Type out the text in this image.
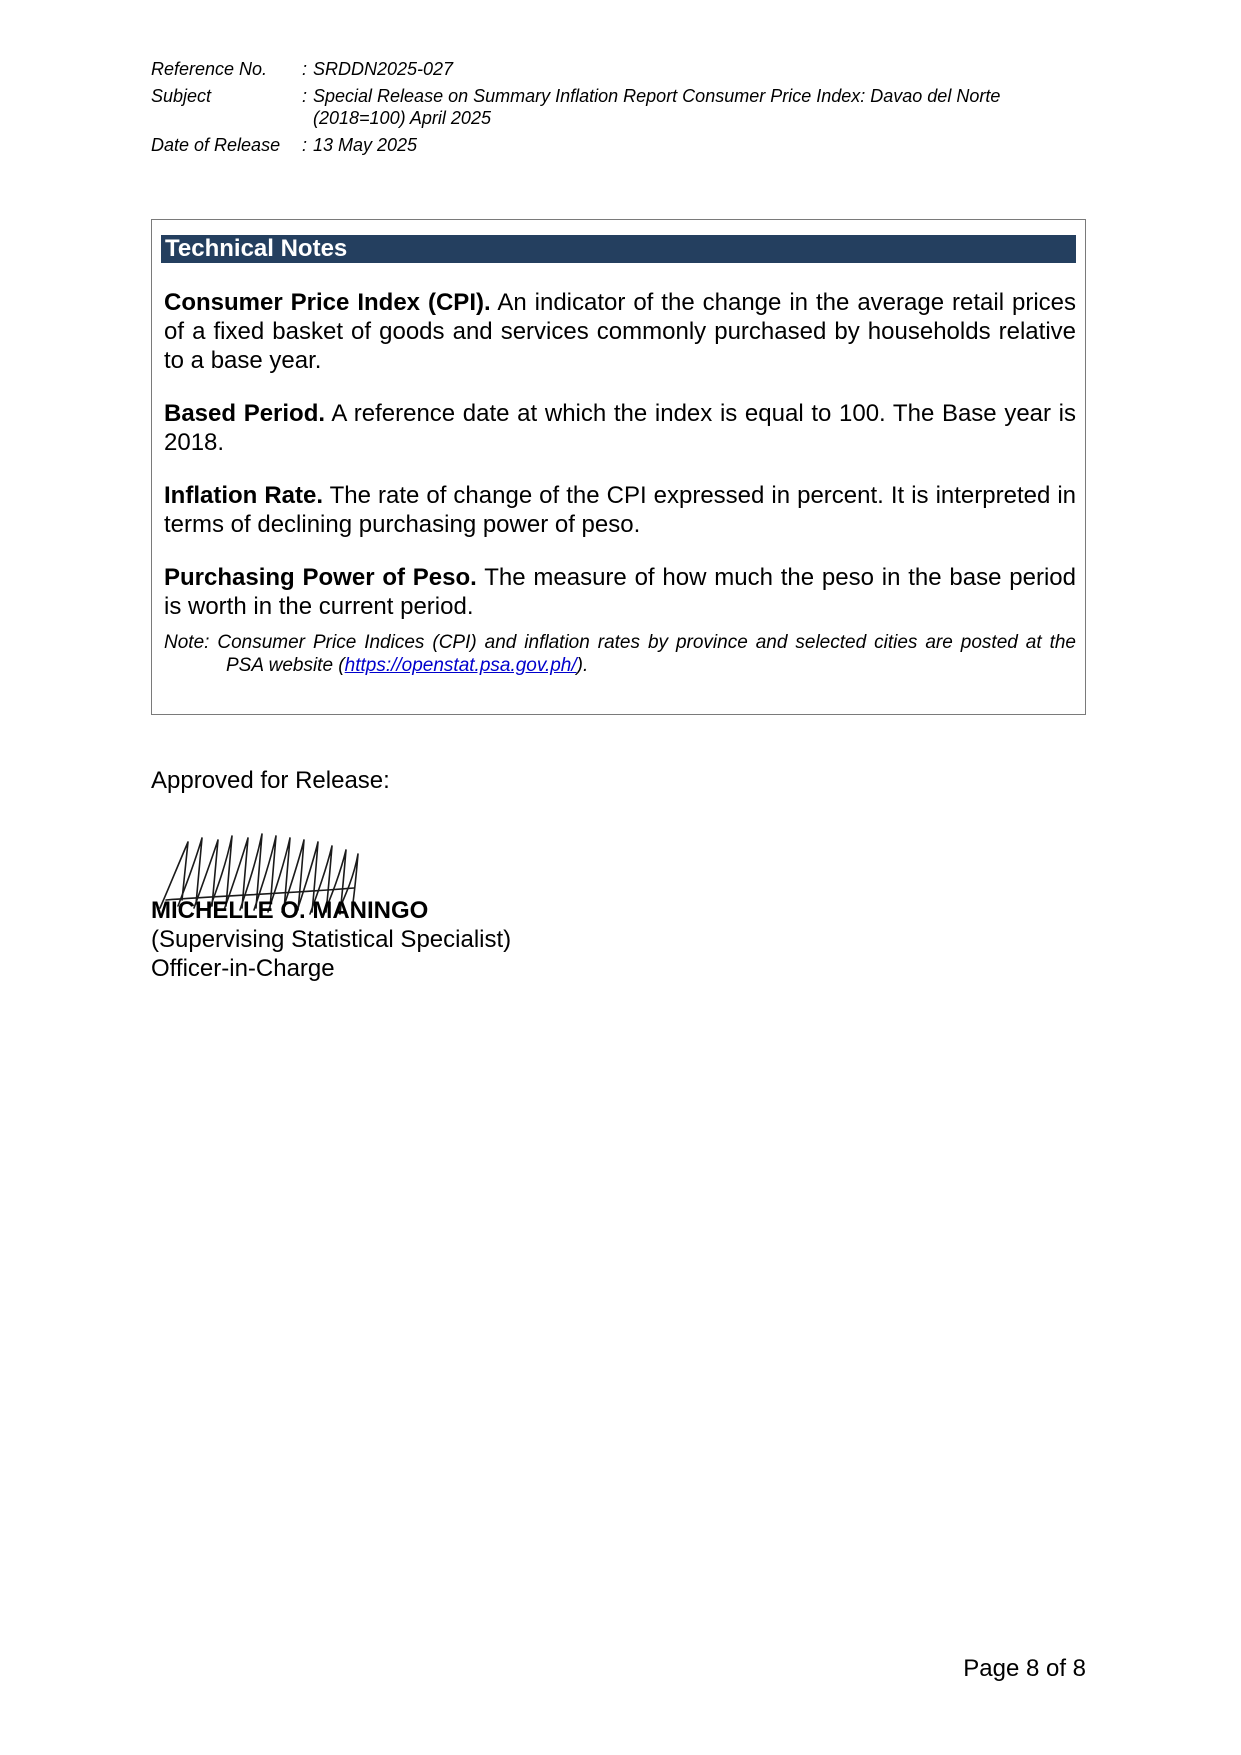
Reference No.	: SRDDN2025-027
Subject	: Special Release on Summary Inflation Report Consumer Price Index: Davao del Norte (2018=100) April 2025
Date of Release	: 13 May 2025
Technical Notes

Consumer Price Index (CPI). An indicator of the change in the average retail prices of a fixed basket of goods and services commonly purchased by households relative to a base year.

Based Period. A reference date at which the index is equal to 100. The Base year is 2018.

Inflation Rate. The rate of change of the CPI expressed in percent. It is interpreted in terms of declining purchasing power of peso.

Purchasing Power of Peso. The measure of how much the peso in the base period is worth in the current period.

Note: Consumer Price Indices (CPI) and inflation rates by province and selected cities are posted at the PSA website (https://openstat.psa.gov.ph/).
Approved for Release:
MICHELLE O. MANINGO
(Supervising Statistical Specialist)
Officer-in-Charge
Page 8 of 8
